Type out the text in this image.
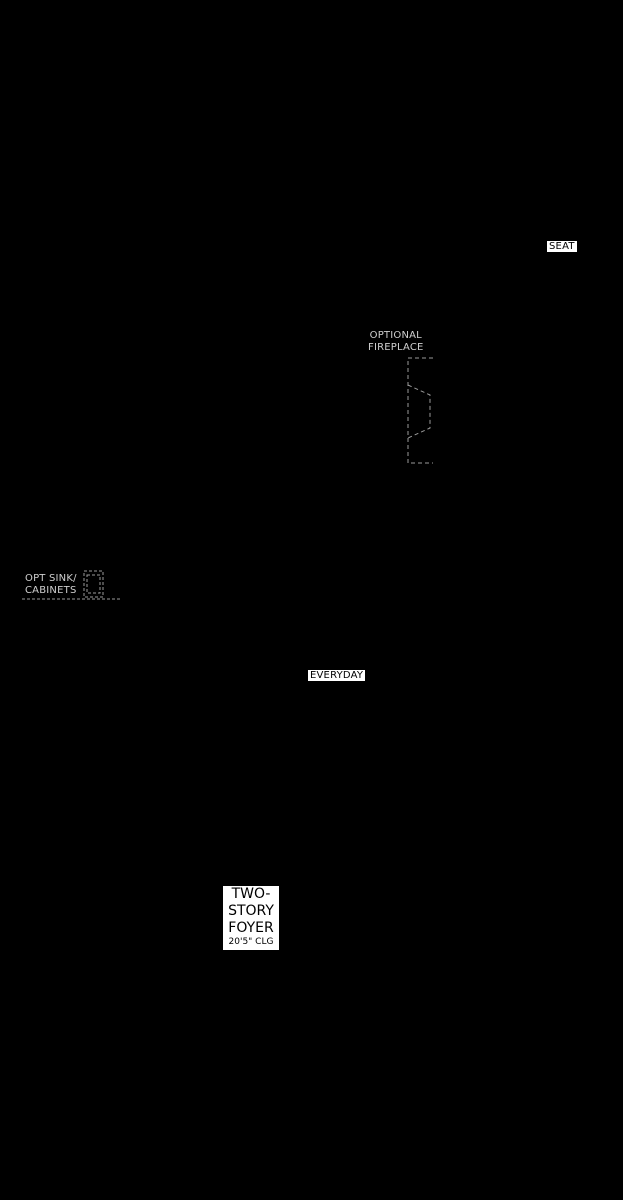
SEAT
OPTIONAL
FIREPLACE
OPT SINK/
CABINETS
EVERYDAY
TWO-
STORY
FOYER
20'5" CLG
